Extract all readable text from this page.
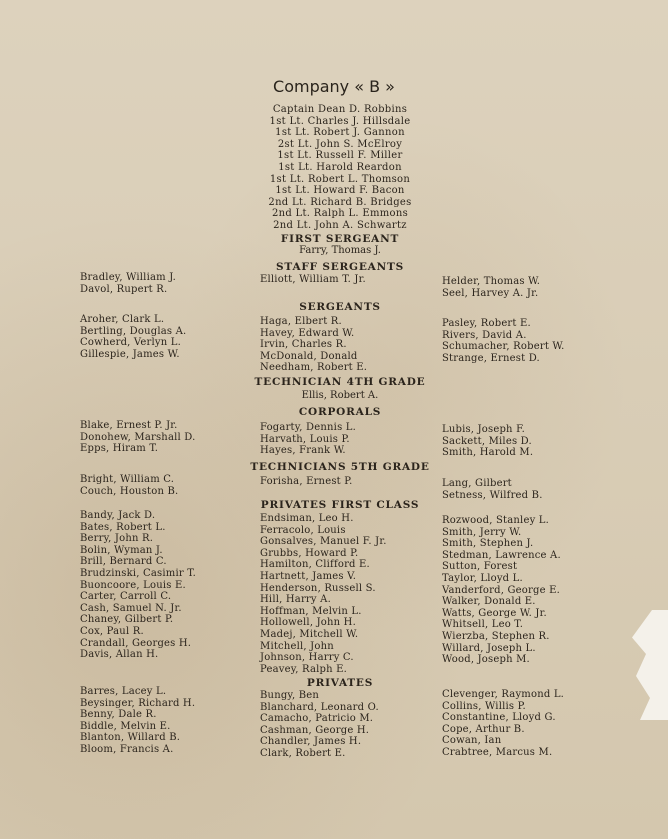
Company « B »
Captain Dean D. Robbins
1st Lt. Charles J. Hillsdale
1st Lt. Robert J. Gannon
2st Lt. John S. McElroy
1st Lt. Russell F. Miller
1st Lt. Harold Reardon
1st Lt. Robert L. Thomson
1st Lt. Howard F. Bacon
2nd Lt. Richard B. Bridges
2nd Lt. Ralph L. Emmons
2nd Lt. John A. Schwartz
FIRST SERGEANT
Farry, Thomas J.
STAFF SERGEANTS
Bradley, William J.
Davol, Rupert R.
Elliott, William T. Jr.	Helder, Thomas W.
Seel, Harvey A. Jr.
SERGEANTS
Aroher, Clark L.
Bertling, Douglas A.
Cowherd, Verlyn L.
Gillespie, James W.
Haga, Elbert R.
Havey, Edward W.
Irvin, Charles R.
McDonald, Donald
Needham, Robert E.
Pasley, Robert E.
Rivers, David A.
Schumacher, Robert W.
Strange, Ernest D.
TECHNICIAN 4TH GRADE
Ellis, Robert A.
CORPORALS
Blake, Ernest P. Jr.
Donohew, Marshall D.
Epps, Hiram T.
Fogarty, Dennis L.
Harvath, Louis P.
Hayes, Frank W.
Lubis, Joseph F.
Sackett, Miles D.
Smith, Harold M.
TECHNICIANS 5TH GRADE
Bright, William C.
Couch, Houston B.
Forisha, Ernest P.	Lang, Gilbert
Setness, Wilfred B.
PRIVATES FIRST CLASS
Bandy, Jack D.
Bates, Robert L.
Berry, John R.
Bolin, Wyman J.
Brill, Bernard C.
Brudzinski, Casimir T.
Buoncoore, Louis E.
Carter, Carroll C.
Cash, Samuel N. Jr.
Chaney, Gilbert P.
Cox, Paul R.
Crandall, Georges H.
Davis, Allan H.
Endsiman, Leo H.
Ferracolo, Louis
Gonsalves, Manuel F. Jr.
Grubbs, Howard P.
Hamilton, Clifford E.
Hartnett, James V.
Henderson, Russell S.
Hill, Harry A.
Hoffman, Melvin L.
Hollowell, John H.
Madej, Mitchell W.
Mitchell, John
Johnson, Harry C.
Peavey, Ralph E.
Rozwood, Stanley L.
Smith, Jerry W.
Smith, Stephen J.
Stedman, Lawrence A.
Sutton, Forest
Taylor, Lloyd L.
Vanderford, George E.
Walker, Donald E.
Watts, George W. Jr.
Whitsell, Leo T.
Wierzba, Stephen R.
Willard, Joseph L.
Wood, Joseph M.
PRIVATES
Barres, Lacey L.
Beysinger, Richard H.
Benny, Dale R.
Biddle, Melvin E.
Blanton, Willard B.
Bloom, Francis A.
Bungy, Ben
Blanchard, Leonard O.
Camacho, Patricio M.
Cashman, George H.
Chandler, James H.
Clark, Robert E.
Clevenger, Raymond L.
Collins, Willis P.
Constantine, Lloyd G.
Cope, Arthur B.
Cowan, Ian
Crabtree, Marcus M.
